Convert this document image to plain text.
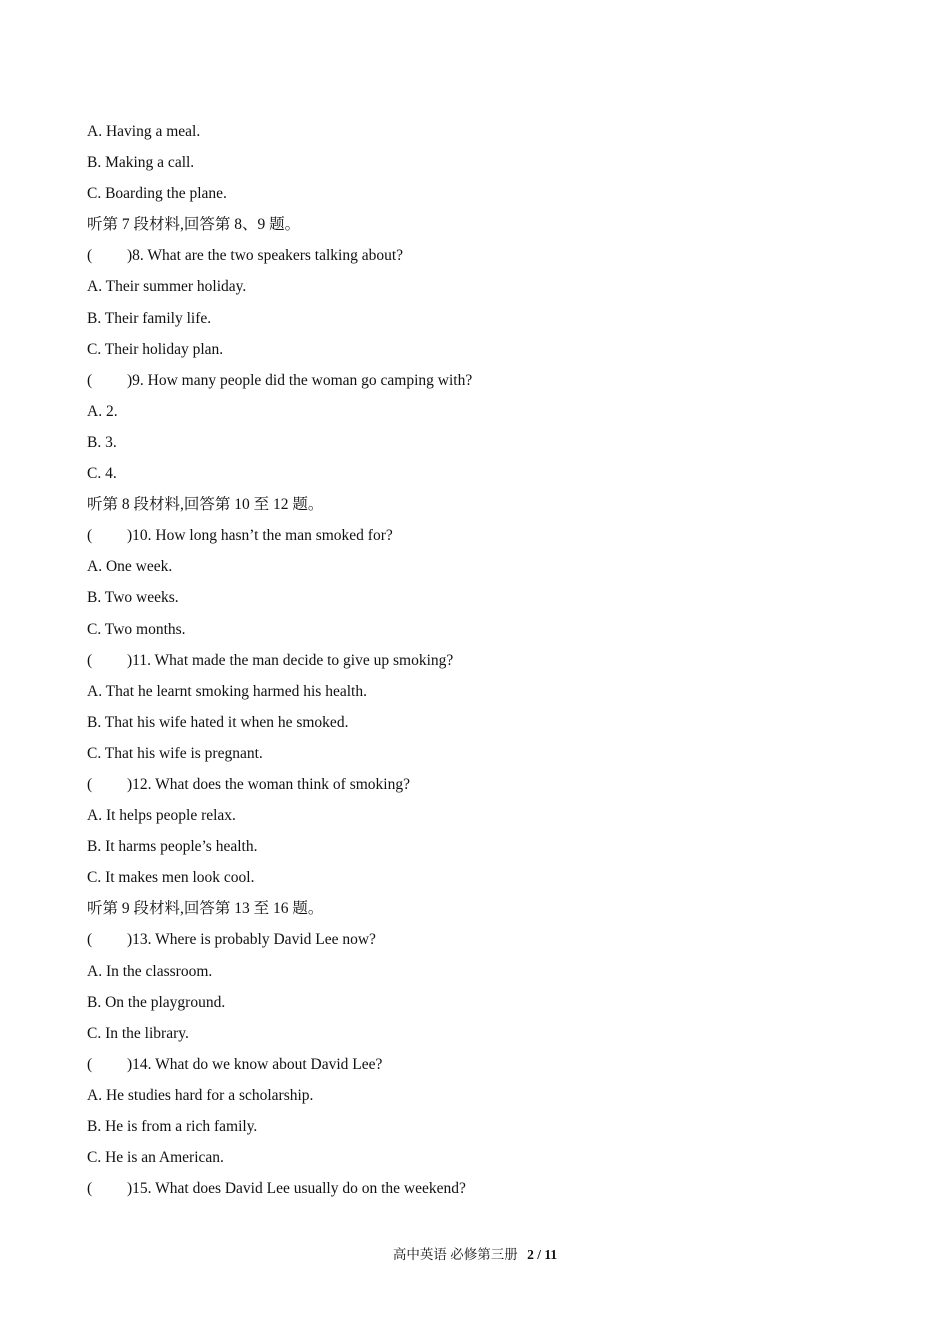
A. Having a meal.
B. Making a call.
C. Boarding the plane.
听第 7 段材料,回答第 8、9 题。
( )8. What are the two speakers talking about?
A. Their summer holiday.
B. Their family life.
C. Their holiday plan.
( )9. How many people did the woman go camping with?
A. 2.
B. 3.
C. 4.
听第 8 段材料,回答第 10 至 12 题。
( )10. How long hasn’t the man smoked for?
A. One week.
B. Two weeks.
C. Two months.
( )11. What made the man decide to give up smoking?
A. That he learnt smoking harmed his health.
B. That his wife hated it when he smoked.
C. That his wife is pregnant.
( )12. What does the woman think of smoking?
A. It helps people relax.
B. It harms people’s health.
C. It makes men look cool.
听第 9 段材料,回答第 13 至 16 题。
( )13. Where is probably David Lee now?
A. In the classroom.
B. On the playground.
C. In the library.
( )14. What do we know about David Lee?
A. He studies hard for a scholarship.
B. He is from a rich family.
C. He is an American.
( )15. What does David Lee usually do on the weekend?
高中英语 必修第三册 2 / 11
